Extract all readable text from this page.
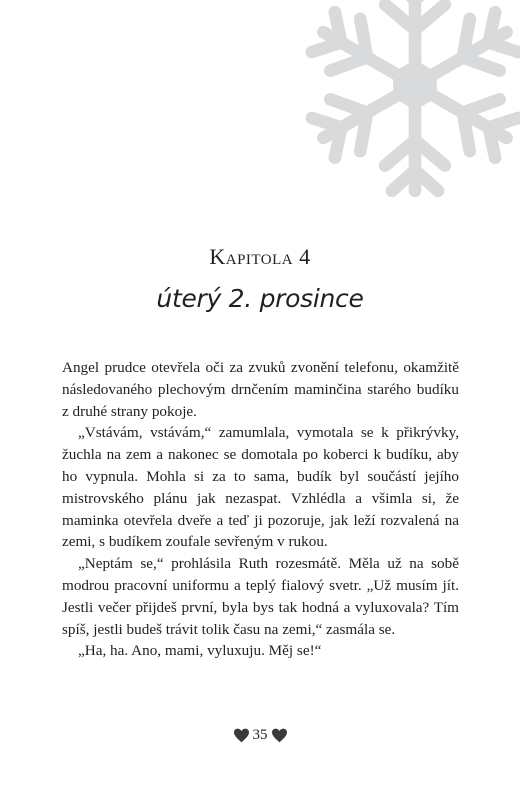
Kapitola 4
úterý 2. prosince

Angel prudce otevřela oči za zvuků zvonění telefonu, okamžitě následovaného plechovým drnčením maminčina starého budíku z druhé strany pokoje.

„Vstávám, vstávám,“ zamumlala, vymotala se k přikrývky, žuchla na zem a nakonec se domotala po koberci k budíku, aby ho vypnula. Mohla si za to sama, budík byl součástí jejího mistrovského plánu jak nezaspat. Vzhlédla a všimla si, že maminka otevřela dveře a teď ji pozoruje, jak leží rozvalená na zemi, s budíkem zoufale sevřeným v rukou.

„Neptám se,“ prohlásila Ruth rozesmátě. Měla už na sobě modrou pracovní uniformu a teplý fialový svetr. „Už musím jít. Jestli večer přijdeš první, byla bys tak hodná a vyluxovala? Tím spíš, jestli budeš trávit tolik času na zemi,“ zasmála se.

„Ha, ha. Ano, mami, vyluxuju. Měj se!“

35
